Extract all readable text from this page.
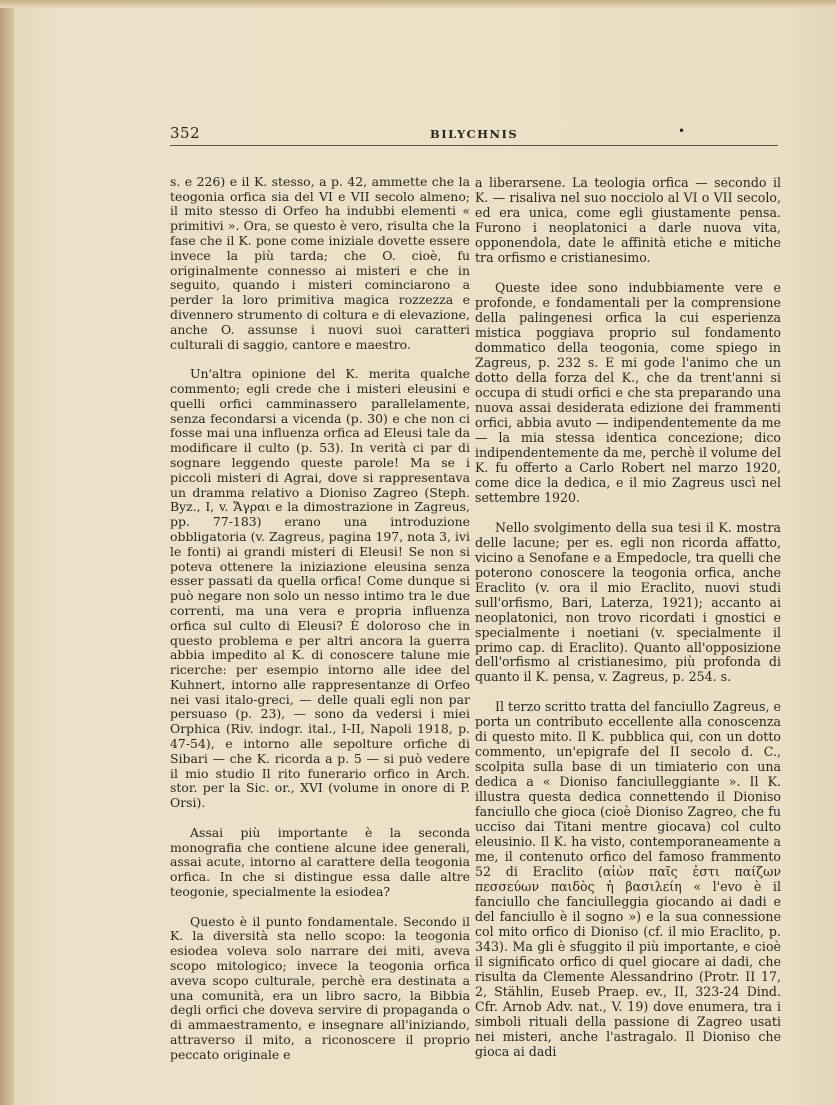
352	BILYCHNIS	•

s. e 226) e il K. stesso, a p. 42, ammette che la teogonia orfica sia del VI e VII secolo almeno; il mito stesso di Orfeo ha indubbi elementi « primitivi ». Ora, se questo è vero, risulta che la fase che il K. pone come iniziale dovette essere invece la più tarda; che O. cioè, fu originalmente connesso ai misteri e che in seguito, quando i misteri cominciarono a perder la loro primitiva magica rozzezza e divennero strumento di coltura e di elevazione, anche O. assunse i nuovi suoi caratteri culturali di saggio, cantore e maestro.

Un'altra opinione del K. merita qualche commento; egli crede che i misteri eleusini e quelli orfici camminassero parallelamente, senza fecondarsi a vicenda (p. 30) e che non ci fosse mai una influenza orfica ad Eleusi tale da modificare il culto (p. 53). In verità ci par di sognare leggendo queste parole! Ma se i piccoli misteri di Agrai, dove si rappresentava un dramma relativo a Dioniso Zagreo (Steph. Byz., I, v. Ἄγραι e la dimostrazione in Zagreus, pp. 77-183) erano una introduzione obbligatoria (v. Zagreus, pagina 197, nota 3, ivi le fonti) ai grandi misteri di Eleusi! Se non si poteva ottenere la iniziazione eleusina senza esser passati da quella orfica! Come dunque si può negare non solo un nesso intimo tra le due correnti, ma una vera e propria influenza orfica sul culto di Eleusi? È doloroso che in questo problema e per altri ancora la guerra abbia impedito al K. di conoscere talune mie ricerche: per esempio intorno alle idee del Kuhnert, intorno alle rappresentanze di Orfeo nei vasi italo-greci, — delle quali egli non par persuaso (p. 23), — sono da vedersi i miei Orphica (Riv. indogr. ital., I-II, Napoli 1918, p. 47-54), e intorno alle sepolture orfiche di Sibari — che K. ricorda a p. 5 — si può vedere il mio studio Il rito funerario orfico in Arch. stor. per la Sic. or., XVI (volume in onore di P. Orsi).

Assai più importante è la seconda monografia che contiene alcune idee generali, assai acute, intorno al carattere della teogonia orfica. In che si distingue essa dalle altre teogonie, specialmente la esiodea?

Questo è il punto fondamentale. Secondo il K. la diversità sta nello scopo: la teogonia esiodea voleva solo narrare dei miti, aveva scopo mitologico; invece la teogonia orfica aveva scopo culturale, perchè era destinata a una comunità, era un libro sacro, la Bibbia degli orfici che doveva servire di propaganda o di ammaestramento, e insegnare all'iniziando, attraverso il mito, a riconoscere il proprio peccato originale e

a liberarsene. La teologia orfica — secondo il K. — risaliva nel suo nocciolo al VI o VII secolo, ed era unica, come egli giustamente pensa. Furono i neoplatonici a darle nuova vita, opponendola, date le affinità etiche e mitiche tra orfismo e cristianesimo.

Queste idee sono indubbiamente vere e profonde, e fondamentali per la comprensione della palingenesi orfica la cui esperienza mistica poggiava proprio sul fondamento dommatico della teogonia, come spiego in Zagreus, p. 232 s. E mi gode l'animo che un dotto della forza del K., che da trent'anni si occupa di studi orfici e che sta preparando una nuova assai desiderata edizione dei frammenti orfici, abbia avuto — indipendentemente da me — la mia stessa identica concezione; dico indipendentemente da me, perchè il volume del K. fu offerto a Carlo Robert nel marzo 1920, come dice la dedica, e il mio Zagreus uscì nel settembre 1920.

Nello svolgimento della sua tesi il K. mostra delle lacune; per es. egli non ricorda affatto, vicino a Senofane e a Empedocle, tra quelli che poterono conoscere la teogonia orfica, anche Eraclito (v. ora il mio Eraclito, nuovi studi sull'orfismo, Bari, Laterza, 1921); accanto ai neoplatonici, non trovo ricordati i gnostici e specialmente i noetiani (v. specialmente il primo cap. di Eraclito). Quanto all'opposizione dell'orfismo al cristianesimo, più profonda di quanto il K. pensa, v. Zagreus, p. 254. s.

Il terzo scritto tratta del fanciullo Zagreus, e porta un contributo eccellente alla conoscenza di questo mito. Il K. pubblica qui, con un dotto commento, un'epigrafe del II secolo d. C., scolpita sulla base di un timiaterio con una dedica a « Dioniso fanciulleggiante ». Il K. illustra questa dedica connettendo il Dioniso fanciullo che gioca (cioè Dioniso Zagreo, che fu ucciso dai Titani mentre giocava) col culto eleusinio. Il K. ha visto, contemporaneamente a me, il contenuto orfico del famoso frammento 52 di Eraclito (αἰὼν παῖς ἐστι παίζων πεσσεύων παιδὸς ἡ βασιλείη « l'evo è il fanciullo che fanciulleggia giocando ai dadi e del fanciullo è il sogno ») e la sua connessione col mito orfico di Dioniso (cf. il mio Eraclito, p. 343). Ma gli è sfuggito il più importante, e cioè il significato orfico di quel giocare ai dadi, che risulta da Clemente Alessandrino (Protr. II 17, 2, Stählin, Euseb Praep. ev., II, 323-24 Dind. Cfr. Arnob Adv. nat., V. 19) dove enumera, tra i simboli rituali della passione di Zagreo usati nei misteri, anche l'astragalo. Il Dioniso che gioca ai dadi
